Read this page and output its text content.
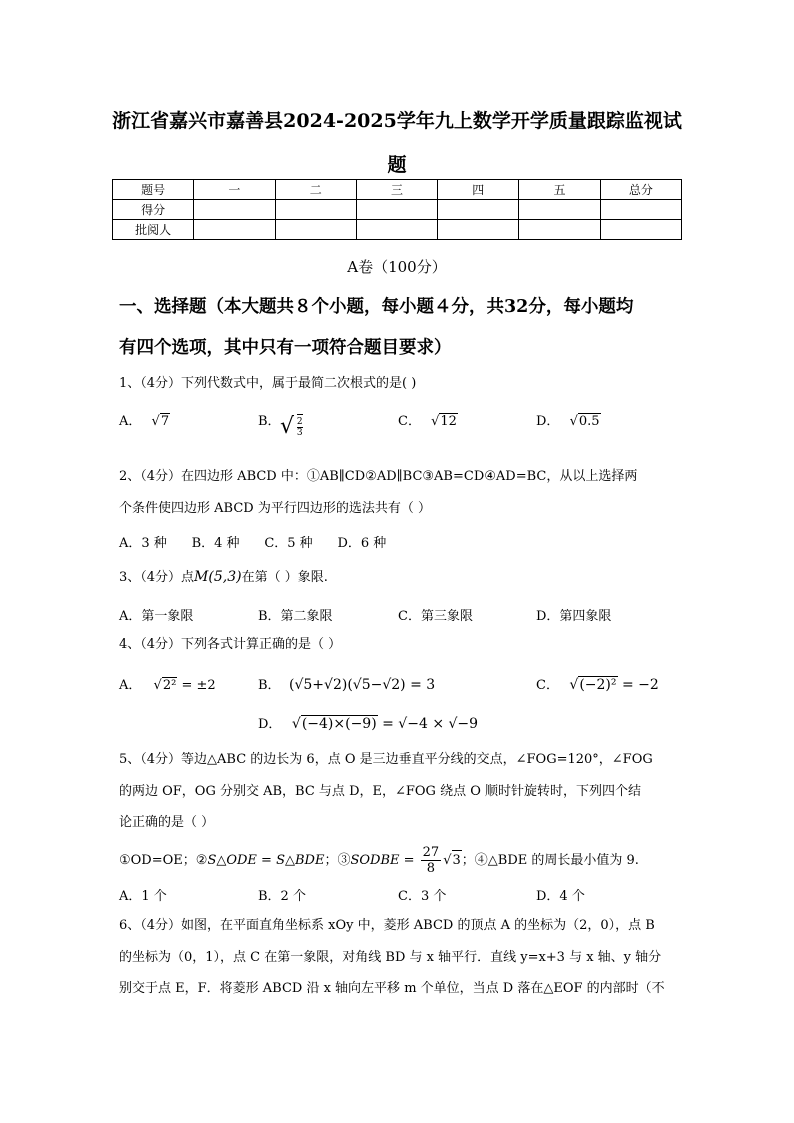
浙江省嘉兴市嘉善县2024-2025学年九上数学开学质量跟踪监视试
题
题号	一	二	三	四	五	总分
得分						
批阅人						
A卷（100分）
一、选择题（本大题共８个小题，每小题４分，共32分，每小题均
有四个选项，其中只有一项符合题目要求）
1、（4分）下列代数式中，属于最简二次根式的是( )
A． √7	B． √ $\frac{2}{3}$	C． √12	D． √0.5
2、（4分）在四边形 ABCD 中：①AB∥CD②AD∥BC③AB=CD④AD=BC，从以上选择两
个条件使四边形 ABCD 为平行四边形的选法共有（ ）
A．3 种      B．4 种      C．5 种      D．6 种
3、（4分）点M(5,3)在第（ ）象限.
A．第一象限	B．第二象限	C．第三象限	D．第四象限
4、（4分）下列各式计算正确的是（ ）
A． √2² = ±2	B． (√5+√2)(√5−√2) = 3	C． √(−2)² = −2
D． √(−4)×(−9) = √−4 × √−9
5、（4分）等边△ABC 的边长为 6，点 O 是三边垂直平分线的交点，∠FOG=120°，∠FOG
的两边 OF，OG 分别交 AB，BC 与点 D，E，∠FOG 绕点 O 顺时针旋转时，下列四个结
论正确的是（ ）
①OD=OE；②S△ODE = S△BDE；③SODBE = $\frac{27}{8} √3$；④△BDE 的周长最小值为 9.
A．1 个	B．2 个	C．3 个	D．4 个
6、（4分）如图，在平面直角坐标系 xOy 中，菱形 ABCD 的顶点 A 的坐标为（2，0），点 B
的坐标为（0，1），点 C 在第一象限，对角线 BD 与 x 轴平行．直线 y=x+3 与 x 轴、y 轴分
别交于点 E，F．将菱形 ABCD 沿 x 轴向左平移 m 个单位，当点 D 落在△EOF 的内部时（不
